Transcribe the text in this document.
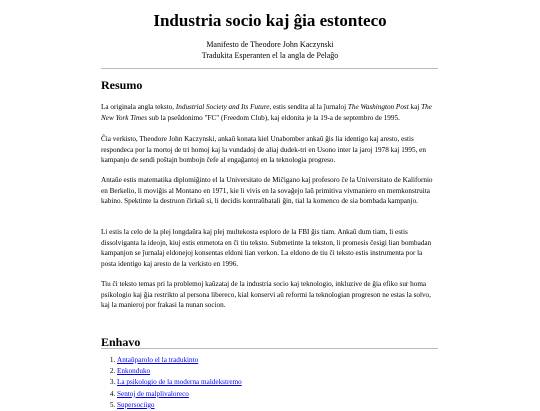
Industria socio kaj ĝia estonteco
Manifesto de Theodore John Kaczynski
Tradukita Esperanten el la angla de Pelaĝo
Resumo

La originala angla teksto, Industrial Society and Its Future, estis sendita al la ĵurnaloj The Washington Post kaj The New York Times sub la pseŭdonimo "FC" (Freedom Club), kaj eldonita je la 19-a de septembro de 1995.

Ĉia verkisto, Theodore John Kaczynski, ankaŭ konata kiel Unabomber ankaŭ ĝis lia identigo kaj aresto, estis respondeca por la mortoj de tri homoj kaj la vundadoj de aliaj dudek-tri en Usono inter la jaroj 1978 kaj 1995, en kampanjo de sendi poŝtajn bombojn ĉefe al engaĝantoj en la teknologia progreso.

Antaŭe estis matematika diplomiĝinto el la Universitato de Miĉigano kaj profesoro ĉe la Universitato de Kalifornio en Berkelio, li moviĝis al Montano en 1971, kie li vivis en la sovaĝejo laŭ primitiva vivmaniero en memkonstruita kabino. Spektinte la destruon ĉirkaŭ si, li decidis kontraŭbatali ĝin, tial la komenco de sia bombada kampanjo.

Li estis la celo de la plej longdaŭra kaj plej multekosta esploro de la FBI ĝis tiam. Ankaŭ dum tiam, li estis dissolviganta la ideojn, kiuj estis enmetota en ĉi tiu teksto. Submetinte la tekston, li promesis ĉesigi lian bombadan kampanjon se ĵurnalaj eldonejoj konsentas eldoni lian verkon. La eldono de tiu ĉi teksto estis instrumenta por la posta identigo kaj aresto de la verkisto en 1996.

Tiu ĉi teksto temas pri la problemoj kaŭzataj de la industria socio kaj teknologio, inkluzive de ĝia efiko sur homa psikologio kaj ĝia restrikto al persona libereco, kial konservi aŭ reformi la teknologian progreson ne estas la solvo, kaj la manieroj por frakasi la nunan socion.

Enhavo
1. Antaŭparolo el la tradukinto
2. Enkonduko
3. La psikologio de la moderna maldekstremo
4. Sentoj de malplivaloreco
5. Supersociigo
